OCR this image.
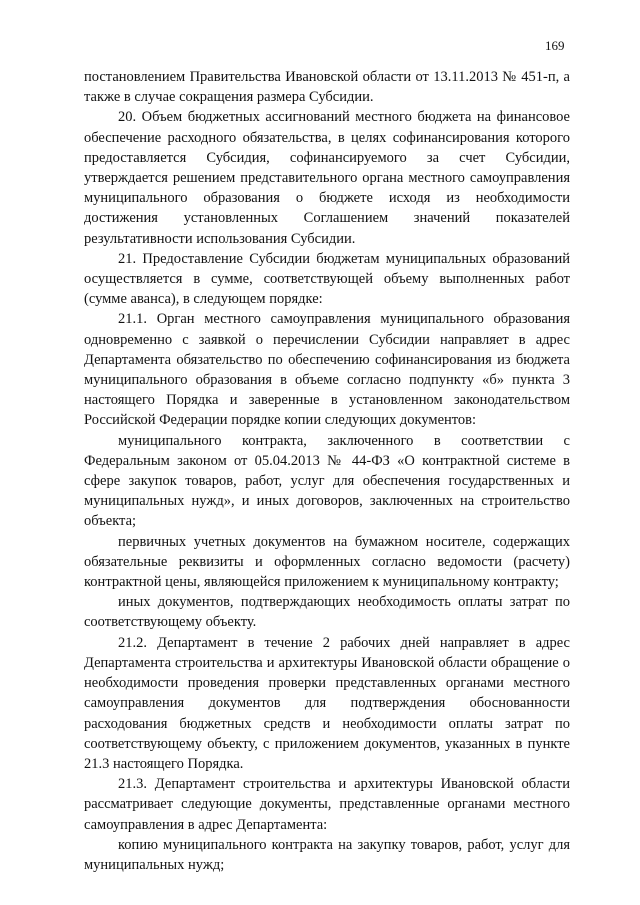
169

постановлением Правительства Ивановской области от 13.11.2013 № 451-п, а также в случае сокращения размера Субсидии.

20. Объем бюджетных ассигнований местного бюджета на финансовое обеспечение расходного обязательства, в целях софинансирования которого предоставляется Субсидия, софинансируемого за счет Субсидии, утверждается решением представительного органа местного самоуправления муниципального образования о бюджете исходя из необходимости достижения установленных Соглашением значений показателей результативности использования Субсидии.

21. Предоставление Субсидии бюджетам муниципальных образований осуществляется в сумме, соответствующей объему выполненных работ (сумме аванса), в следующем порядке:

21.1. Орган местного самоуправления муниципального образования одновременно с заявкой о перечислении Субсидии направляет в адрес Департамента обязательство по обеспечению софинансирования из бюджета муниципального образования в объеме согласно подпункту «б» пункта 3 настоящего Порядка и заверенные в установленном законодательством Российской Федерации порядке копии следующих документов:

муниципального контракта, заключенного в соответствии с Федеральным законом от 05.04.2013 № 44-ФЗ «О контрактной системе в сфере закупок товаров, работ, услуг для обеспечения государственных и муниципальных нужд», и иных договоров, заключенных на строительство объекта;

первичных учетных документов на бумажном носителе, содержащих обязательные реквизиты и оформленных согласно ведомости (расчету) контрактной цены, являющейся приложением к муниципальному контракту;

иных документов, подтверждающих необходимость оплаты затрат по соответствующему объекту.

21.2. Департамент в течение 2 рабочих дней направляет в адрес Департамента строительства и архитектуры Ивановской области обращение о необходимости проведения проверки представленных органами местного самоуправления документов для подтверждения обоснованности расходования бюджетных средств и необходимости оплаты затрат по соответствующему объекту, с приложением документов, указанных в пункте 21.3 настоящего Порядка.

21.3. Департамент строительства и архитектуры Ивановской области рассматривает следующие документы, представленные органами местного самоуправления в адрес Департамента:

копию муниципального контракта на закупку товаров, работ, услуг для муниципальных нужд;
